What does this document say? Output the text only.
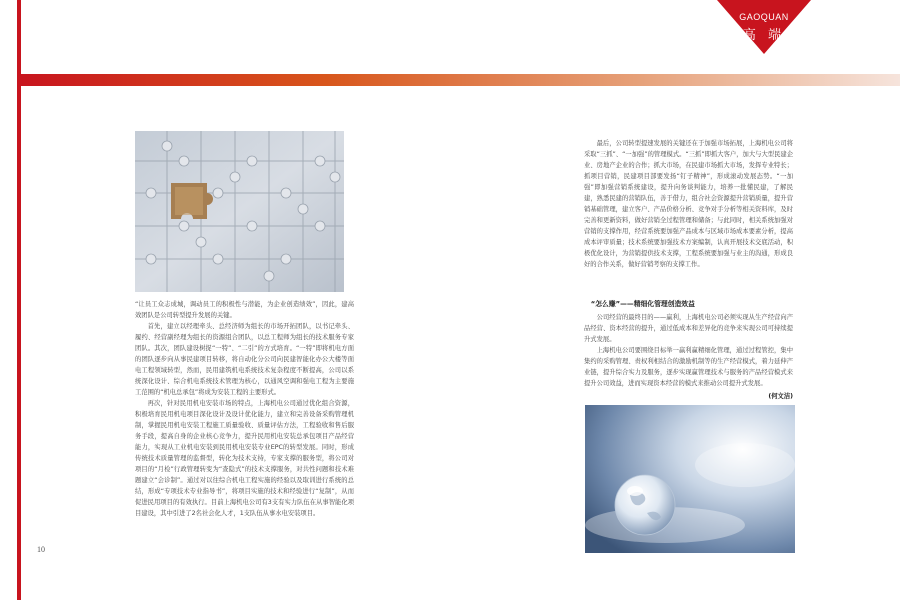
GAOQUAN
高 端

“让员工众志成城，调动员工的积极性与潜能，为企业创造绩效”，因此，建高效团队是公司转型提升发展的关键。

首先，建立以经理牵头、总经济师为组长的市场开拓团队，以书记牵头、履约、经营副经理为组长的资源组合团队，以总工程师为组长的技术服务专家团队。其次，团队建设树捉“一特”、“二引”的方式培育。“一特”即将机电方面的团队逐步向从事民建项目转移，将自动化分公司向民建智能化办公大楼等面电工程领域转型，然而，民用建筑机电系统技术复杂程度不断提高，公司以系统深化设计、综合机电系统技术管理为核心，以通风空调和强电工程为主要施工范围的“机电总承包”将成为安装工程的主要形式。

再次，针对民用机电安装市场的特点，上海机电公司通过优化组合资源，积极培育民用机电项目深化设计及设计优化能力，建立和完善设备采购管理机制，掌握民用机电安装工程施工质量验收、质量评估方法，工程验收和售后服务手段，提高自身的企业核心竞争力，提升民用机电安装总承包项目产品经营能力，实现从工业机电安装到民用机电安装专业EPC的转型发展。同时，形成传统技术质量管理的监督型，转化为技术支持，专家支撑的服务型，将公司对项目的“月检”行政管理转变为“查隐式”的技术支撑服务，对共性问题和技术难题建立“会诊制”。通过对以往综合机电工程实施的经验以及取训进行系统的总结，形成“专项技术专业指导书”，将项目实施的技术和经验进行“复制”，从而促进民用项目的有效执行。目前上海机电公司有3支有实力队伍在从事智能化项目建设，其中引进了2名社会化人才，1支队伍从事水电安装项目。

最后，公司转型提速发展的关键还在于加强市场拓展，上海机电公司将采取“三抓”、“一加强”的管理模式。“三抓”即抓大客户，加大与大型民建企业、房地产企业的合作；抓大市场，在民建市场抓大市场，发挥专业特长；抓项目营销，民建项目部要发扬“钉子精神”，形成滚动发展态势。“一加强”即加强营销系统建设，提升向务谈判能力，培养一批懂民建，了解民建，熟悉民建的营销队伍，善于借力，组合社会资源提升营销质量，提升营销基础管理，建立客户、产品价格分析、竞争对手分析等相关资料库，及时完善和更新资料，做好营销全过程管理和储备；与此同时，相关系统加强对营销的支撑作用，经营系统要加强产品成本与区域市场成本要素分析，提高成本评审质量；技术系统要加强技术方案编制，认真开展技术交底活动，积极优化设计，为营销提供技术支撑，工程系统要加强与业主的沟通，形成良好的合作关系，做好营销考察的支撑工作。

“怎么赚”——精细化管理创造效益

公司经营的最终目的——赢利，上海机电公司必须实现从生产经营向产品经营、资本经营的提升，通过低成本和差异化的竞争来实现公司可持续提升式发展。

上海机电公司要围绕目标举一赢利赢精细化管理，通过过程管控，集中集约的采购管理、责权利相结合的激励机制等的生产经营模式，着力延伸产业链，提升综合实力及服务，逐步实现赢管理技术与服务的产品经营模式来提升公司效益，进而实现资本经营的模式来推动公司提升式发展。

(何文洁)
10
